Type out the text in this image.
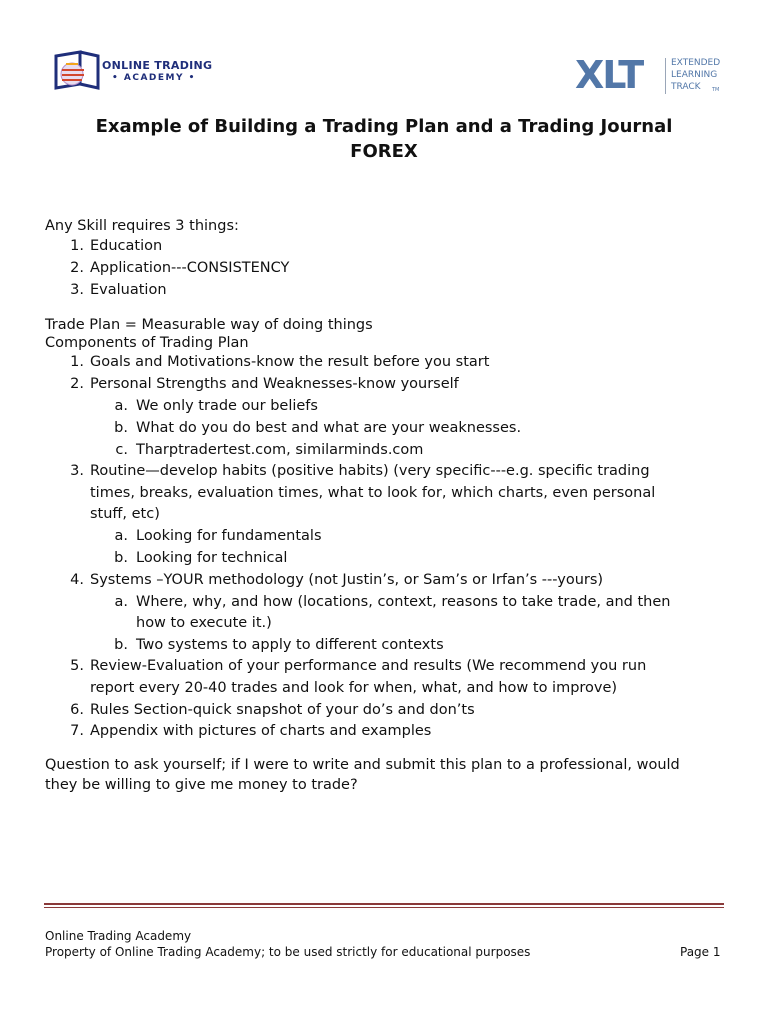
ONLINE TRADING
• ACADEMY •	XLT	EXTENDED
LEARNING
TRACK TM
Example of Building a Trading Plan and a Trading Journal
FOREX
Any Skill requires 3 things:
1. Education
2. Application---CONSISTENCY
3. Evaluation
Trade Plan = Measurable way of doing things
Components of Trading Plan
1. Goals and Motivations-know the result before you start
2. Personal Strengths and Weaknesses-know yourself
a. We only trade our beliefs
b. What do you do best and what are your weaknesses.
c. Tharptradertest.com, similarminds.com
3. Routine—develop habits (positive habits) (very specific---e.g. specific trading
times, breaks, evaluation times, what to look for, which charts, even personal
stuff, etc)
a. Looking for fundamentals
b. Looking for technical
4. Systems –YOUR methodology (not Justin’s, or Sam’s or Irfan’s ---yours)
a. Where, why, and how (locations, context, reasons to take trade, and then
how to execute it.)
b. Two systems to apply to different contexts
5. Review-Evaluation of your performance and results (We recommend you run
report every 20-40 trades and look for when, what, and how to improve)
6. Rules Section-quick snapshot of your do’s and don’ts
7. Appendix with pictures of charts and examples
Question to ask yourself; if I were to write and submit this plan to a professional, would
they be willing to give me money to trade?
Online Trading Academy
Property of Online Trading Academy; to be used strictly for educational purposes	Page 1
